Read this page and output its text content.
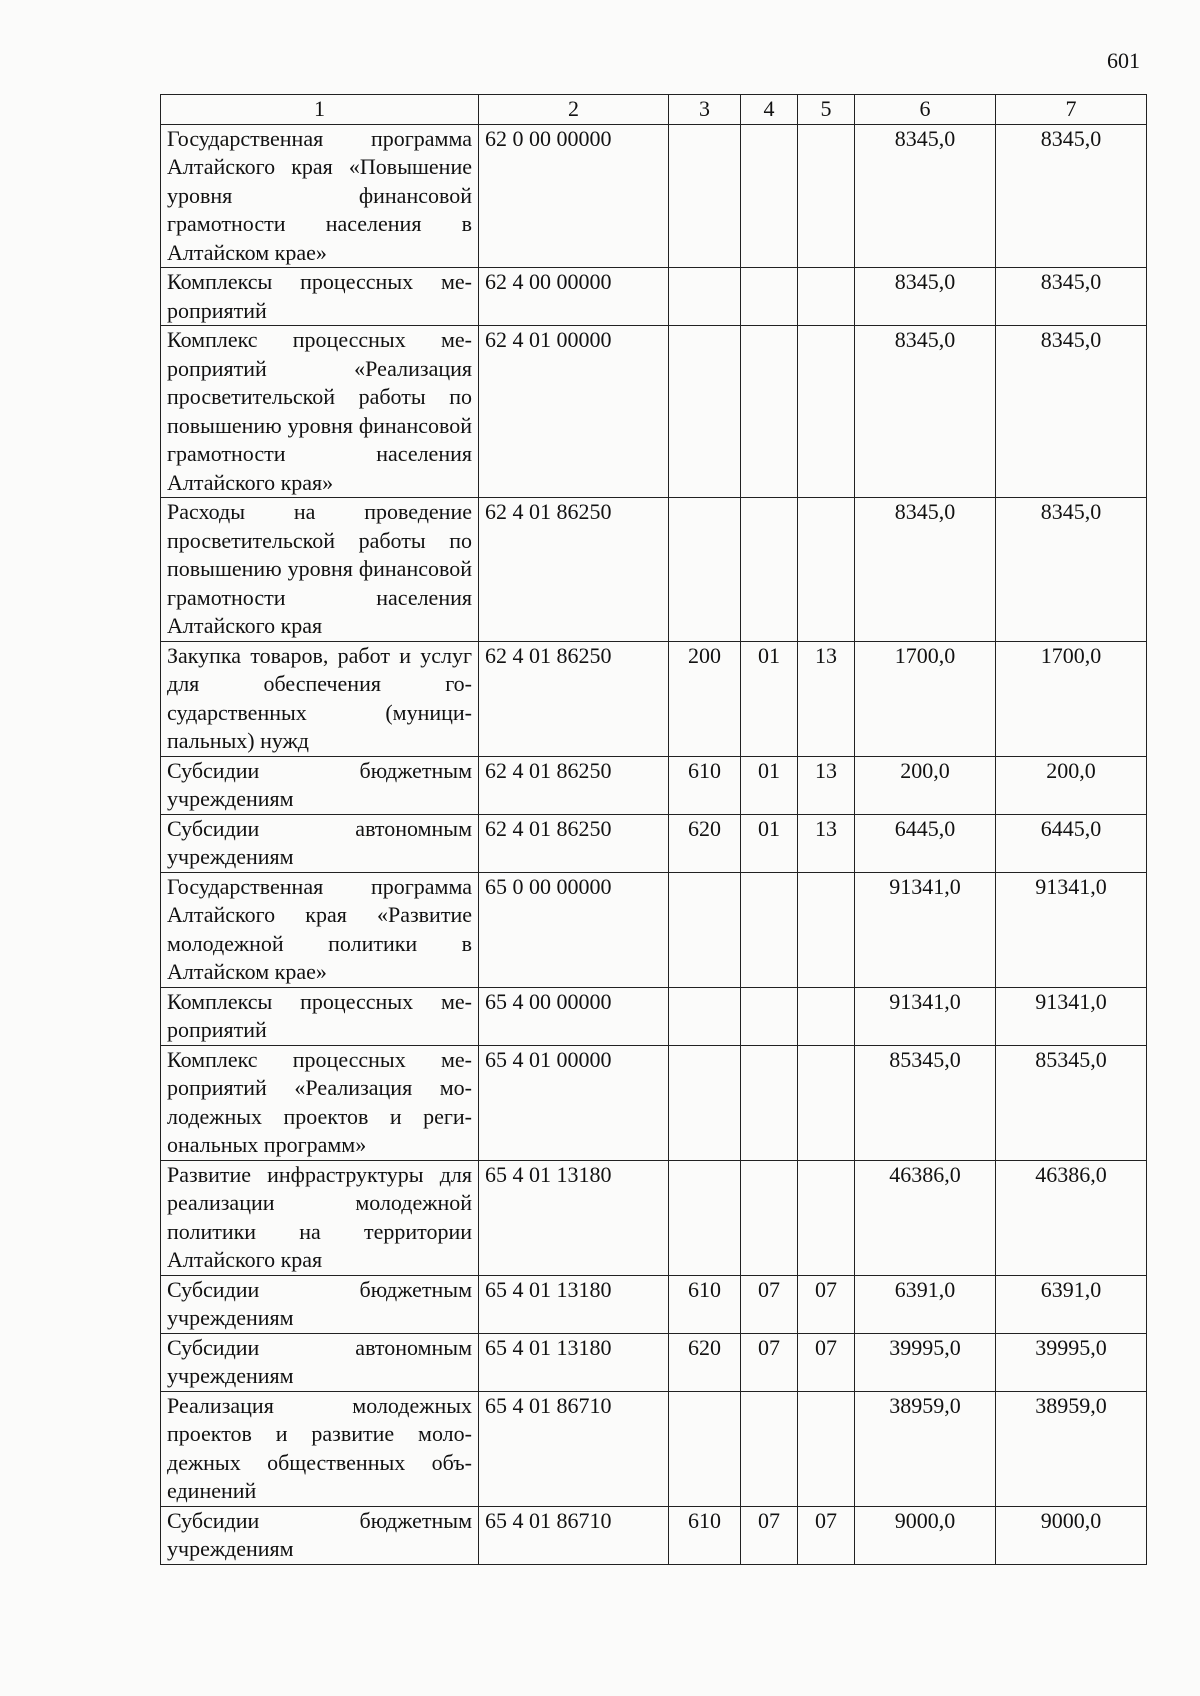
601
1	2	3	4	5	6	7
Государственная программа Алтайского края «Повышение уровня финансовой грамотности населения в Алтайском крае»	62 0 00 00000				8345,0	8345,0
Комплексы процессных мероприятий	62 4 00 00000				8345,0	8345,0
Комплекс процессных мероприятий «Реализация просветительской работы по повышению уровня финансовой грамотности населения Алтайского края»	62 4 01 00000				8345,0	8345,0
Расходы на проведение просветительской работы по повышению уровня финансовой грамотности населения Алтайского края	62 4 01 86250				8345,0	8345,0
Закупка товаров, работ и услуг для обеспечения государственных (муниципальных) нужд	62 4 01 86250	200	01	13	1700,0	1700,0
Субсидии бюджетным учреждениям	62 4 01 86250	610	01	13	200,0	200,0
Субсидии автономным учреждениям	62 4 01 86250	620	01	13	6445,0	6445,0
Государственная программа Алтайского края «Развитие молодежной политики в Алтайском крае»	65 0 00 00000				91341,0	91341,0
Комплексы процессных мероприятий	65 4 00 00000				91341,0	91341,0
Комплекс процессных мероприятий «Реализация молодежных проектов и региональных программ»	65 4 01 00000				85345,0	85345,0
Развитие инфраструктуры для реализации молодежной политики на территории Алтайского края	65 4 01 13180				46386,0	46386,0
Субсидии бюджетным учреждениям	65 4 01 13180	610	07	07	6391,0	6391,0
Субсидии автономным учреждениям	65 4 01 13180	620	07	07	39995,0	39995,0
Реализация молодежных проектов и развитие молодежных общественных объединений	65 4 01 86710				38959,0	38959,0
Субсидии бюджетным учреждениям	65 4 01 86710	610	07	07	9000,0	9000,0
